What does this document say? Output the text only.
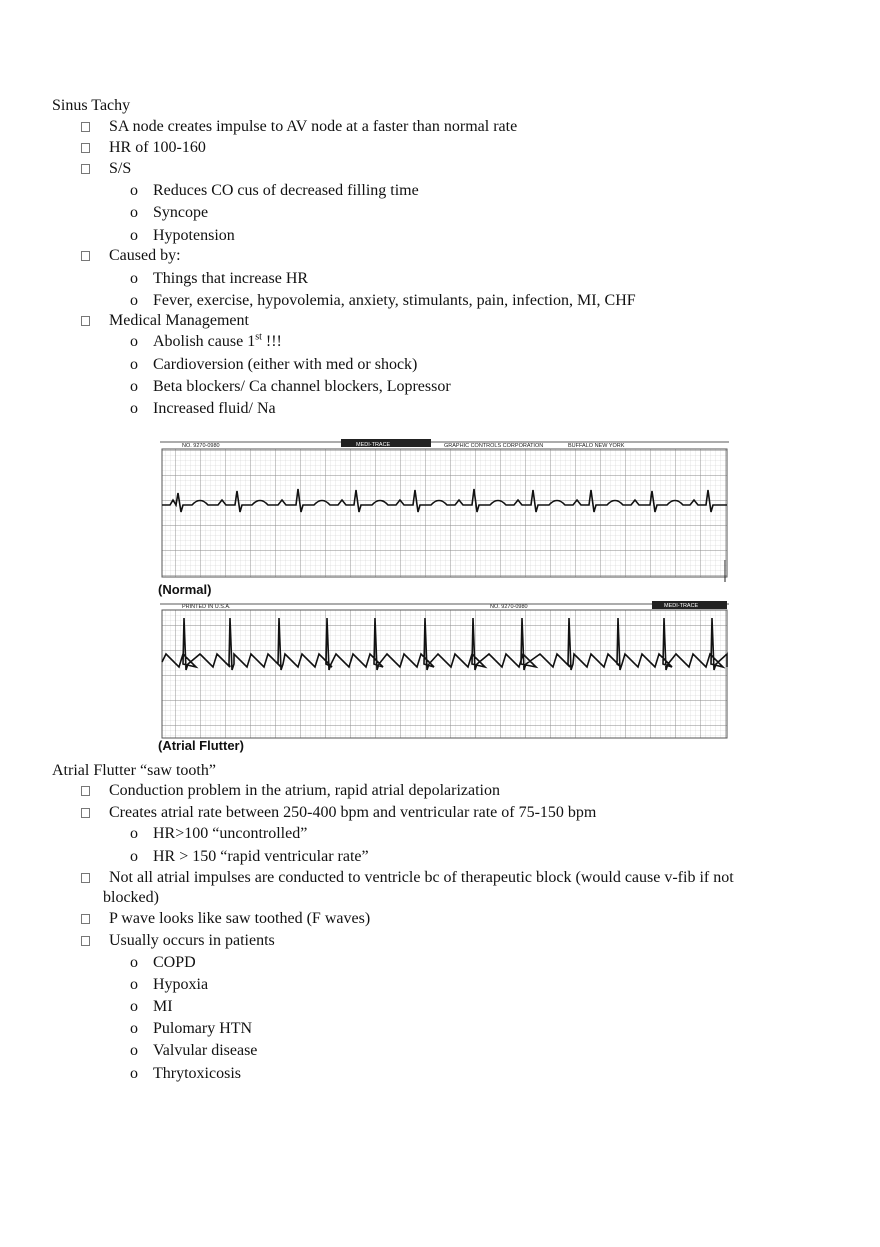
Sinus Tachy
SA node creates impulse to AV node at a faster than normal rate
HR of 100-160
S/S
o Reduces CO cus of decreased filling time
o Syncope
o Hypotension
Caused by:
o Things that increase HR
o Fever, exercise, hypovolemia, anxiety, stimulants, pain, infection, MI, CHF
Medical Management
o Abolish cause 1st !!!
o Cardioversion (either with med or shock)
o Beta blockers/ Ca channel blockers, Lopressor
o Increased fluid/ Na
NO. 9270-0980	MEDI-TRACE	GRAPHIC CONTROLS CORPORATION	BUFFALO NEW YORK
(Normal)
PRINTED IN U.S.A.	NO. 9270-0980	MEDI-TRACE
(Atrial Flutter)
Atrial Flutter “saw tooth”
Conduction problem in the atrium, rapid atrial depolarization
Creates atrial rate between 250-400 bpm and ventricular rate of 75-150 bpm
o HR>100 “uncontrolled”
o HR > 150 “rapid ventricular rate”
Not all atrial impulses are conducted to ventricle bc of therapeutic block (would cause v-fib if not
blocked)
P wave looks like saw toothed (F waves)
Usually occurs in patients
o COPD
o Hypoxia
o MI
o Pulomary HTN
o Valvular disease
o Thrytoxicosis
